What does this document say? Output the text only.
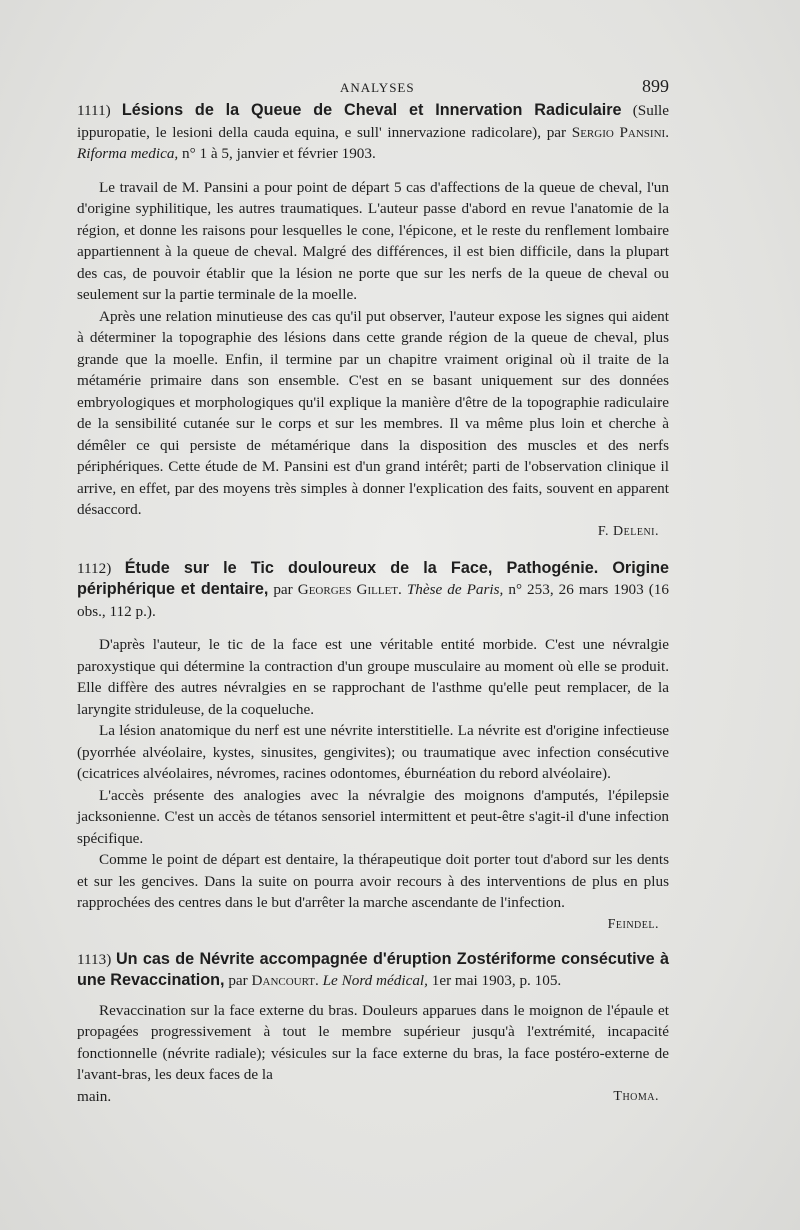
ANALYSES	899

1111) Lésions de la Queue de Cheval et Innervation Radiculaire (Sulle ippuropatie, le lesioni della cauda equina, e sull' innervazione radicolare), par Sergio Pansini. Riforma medica, n° 1 à 5, janvier et février 1903.

Le travail de M. Pansini a pour point de départ 5 cas d'affections de la queue de cheval, l'un d'origine syphilitique, les autres traumatiques. L'auteur passe d'abord en revue l'anatomie de la région, et donne les raisons pour lesquelles le cone, l'épicone, et le reste du renflement lombaire appartiennent à la queue de cheval. Malgré des différences, il est bien difficile, dans la plupart des cas, de pouvoir établir que la lésion ne porte que sur les nerfs de la queue de cheval ou seulement sur la partie terminale de la moelle.

Après une relation minutieuse des cas qu'il put observer, l'auteur expose les signes qui aident à déterminer la topographie des lésions dans cette grande région de la queue de cheval, plus grande que la moelle. Enfin, il termine par un chapitre vraiment original où il traite de la métamérie primaire dans son ensemble. C'est en se basant uniquement sur des données embryologiques et morphologiques qu'il explique la manière d'être de la topographie radiculaire de la sensibilité cutanée sur le corps et sur les membres. Il va même plus loin et cherche à démêler ce qui persiste de métamérique dans la disposition des muscles et des nerfs périphériques. Cette étude de M. Pansini est d'un grand intérêt; parti de l'observation clinique il arrive, en effet, par des moyens très simples à donner l'explication des faits, souvent en apparent désaccord.

F. Deleni.

1112) Étude sur le Tic douloureux de la Face, Pathogénie. Origine périphérique et dentaire, par Georges Gillet. Thèse de Paris, n° 253, 26 mars 1903 (16 obs., 112 p.).

D'après l'auteur, le tic de la face est une véritable entité morbide. C'est une névralgie paroxystique qui détermine la contraction d'un groupe musculaire au moment où elle se produit. Elle diffère des autres névralgies en se rapprochant de l'asthme qu'elle peut remplacer, de la laryngite striduleuse, de la coqueluche.

La lésion anatomique du nerf est une névrite interstitielle. La névrite est d'origine infectieuse (pyorrhée alvéolaire, kystes, sinusites, gengivites); ou traumatique avec infection consécutive (cicatrices alvéolaires, névromes, racines odontomes, éburnéation du rebord alvéolaire).

L'accès présente des analogies avec la névralgie des moignons d'amputés, l'épilepsie jacksonienne. C'est un accès de tétanos sensoriel intermittent et peut-être s'agit-il d'une infection spécifique.

Comme le point de départ est dentaire, la thérapeutique doit porter tout d'abord sur les dents et sur les gencives. Dans la suite on pourra avoir recours à des interventions de plus en plus rapprochées des centres dans le but d'arrêter la marche ascendante de l'infection.

Feindel.

1113) Un cas de Névrite accompagnée d'éruption Zostériforme consécutive à une Revaccination, par Dancourt. Le Nord médical, 1er mai 1903, p. 105.

Revaccination sur la face externe du bras. Douleurs apparues dans le moignon de l'épaule et propagées progressivement à tout le membre supérieur jusqu'à l'extrémité, incapacité fonctionnelle (névrite radiale); vésicules sur la face externe du bras, la face postéro-externe de l'avant-bras, les deux faces de la

main.	Thoma.
